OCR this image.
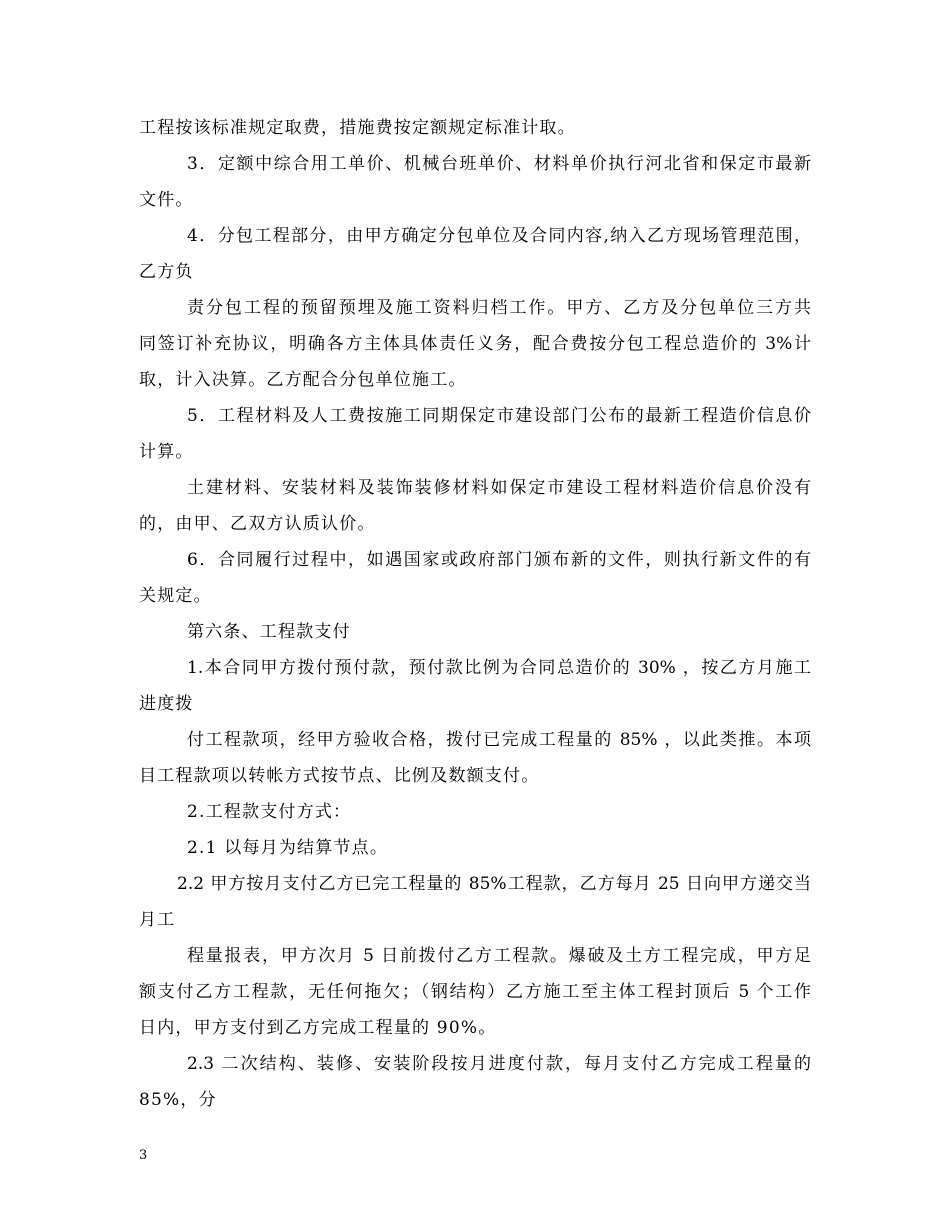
工程按该标准规定取费，措施费按定额规定标准计取。
3．定额中综合用工单价、机械台班单价、材料单价执行河北省和保定市最新
文件。
4．分包工程部分，由甲方确定分包单位及合同内容,纳入乙方现场管理范围，
乙方负
责分包工程的预留预埋及施工资料归档工作。甲方、乙方及分包单位三方共
同签订补充协议，明确各方主体具体责任义务，配合费按分包工程总造价的 3%计
取，计入决算。乙方配合分包单位施工。
5．工程材料及人工费按施工同期保定市建设部门公布的最新工程造价信息价
计算。
土建材料、安装材料及装饰装修材料如保定市建设工程材料造价信息价没有
的，由甲、乙双方认质认价。
6．合同履行过程中，如遇国家或政府部门颁布新的文件，则执行新文件的有
关规定。
第六条、工程款支付
1.本合同甲方拨付预付款，预付款比例为合同总造价的 30% ，按乙方月施工
进度拨
付工程款项，经甲方验收合格，拨付已完成工程量的 85% ，以此类推。本项
目工程款项以转帐方式按节点、比例及数额支付。
2.工程款支付方式：
2.1 以每月为结算节点。
2.2 甲方按月支付乙方已完工程量的 85%工程款，乙方每月 25 日向甲方递交当
月工
程量报表，甲方次月 5 日前拨付乙方工程款。爆破及土方工程完成，甲方足
额支付乙方工程款，无任何拖欠；（钢结构）乙方施工至主体工程封顶后 5 个工作
日内，甲方支付到乙方完成工程量的 90%。
2.3 二次结构、装修、安装阶段按月进度付款，每月支付乙方完成工程量的
85%，分
3
